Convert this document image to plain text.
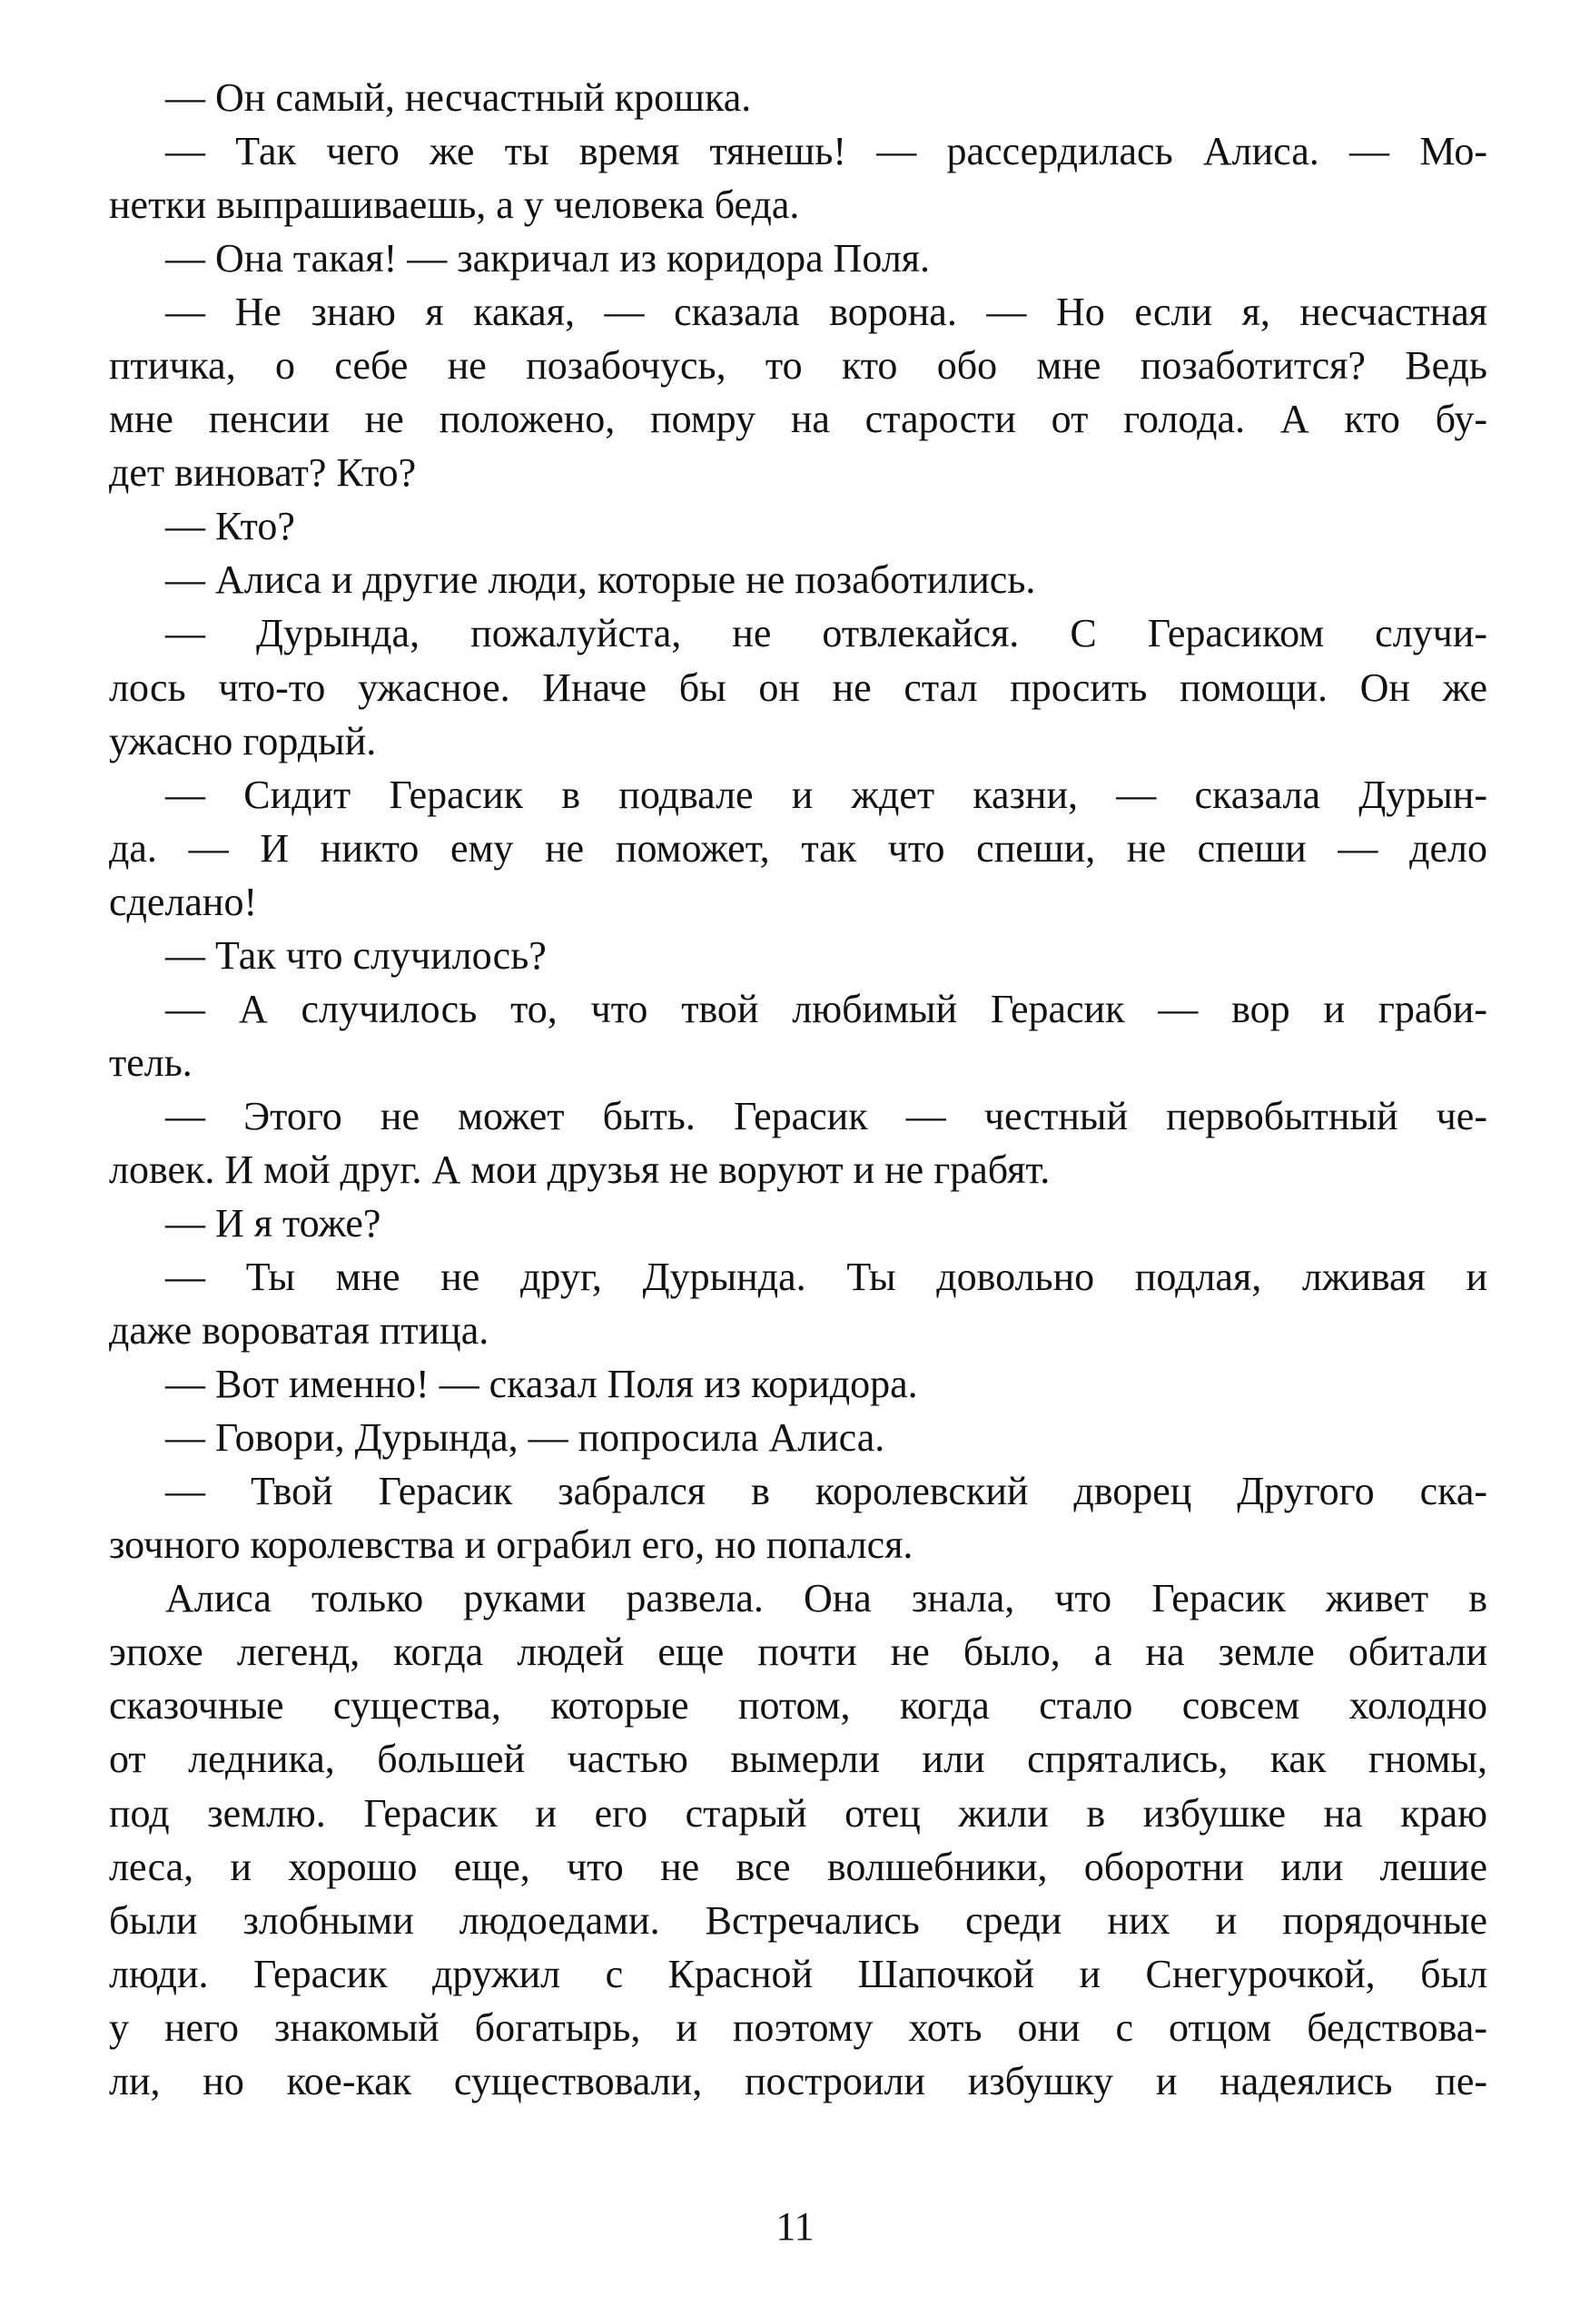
— Он самый, несчастный крошка.
— Так чего же ты время тянешь! — рассердилась Алиса. — Мо-
нетки выпрашиваешь, а у человека беда.
— Она такая! — закричал из коридора Поля.
— Не знаю я какая, — сказала ворона. — Но если я, несчастная
птичка, о себе не позабочусь, то кто обо мне позаботится? Ведь
мне пенсии не положено, помру на старости от голода. А кто бу-
дет виноват? Кто?
— Кто?
— Алиса и другие люди, которые не позаботились.
— Дурында, пожалуйста, не отвлекайся. С Герасиком случи-
лось что-то ужасное. Иначе бы он не стал просить помощи. Он же
ужасно гордый.
— Сидит Герасик в подвале и ждет казни, — сказала Дурын-
да. — И никто ему не поможет, так что спеши, не спеши — дело
сделано!
— Так что случилось?
— А случилось то, что твой любимый Герасик — вор и граби-
тель.
— Этого не может быть. Герасик — честный первобытный че-
ловек. И мой друг. А мои друзья не воруют и не грабят.
— И я тоже?
— Ты мне не друг, Дурында. Ты довольно подлая, лживая и
даже вороватая птица.
— Вот именно! — сказал Поля из коридора.
— Говори, Дурында, — попросила Алиса.
— Твой Герасик забрался в королевский дворец Другого ска-
зочного королевства и ограбил его, но попался.
Алиса только руками развела. Она знала, что Герасик живет в
эпохе легенд, когда людей еще почти не было, а на земле обитали
сказочные существа, которые потом, когда стало совсем холодно
от ледника, большей частью вымерли или спрятались, как гномы,
под землю. Герасик и его старый отец жили в избушке на краю
леса, и хорошо еще, что не все волшебники, оборотни или лешие
были злобными людоедами. Встречались среди них и порядочные
люди. Герасик дружил с Красной Шапочкой и Снегурочкой, был
у него знакомый богатырь, и поэтому хоть они с отцом бедствова-
ли, но кое-как существовали, построили избушку и надеялись пе-
11
